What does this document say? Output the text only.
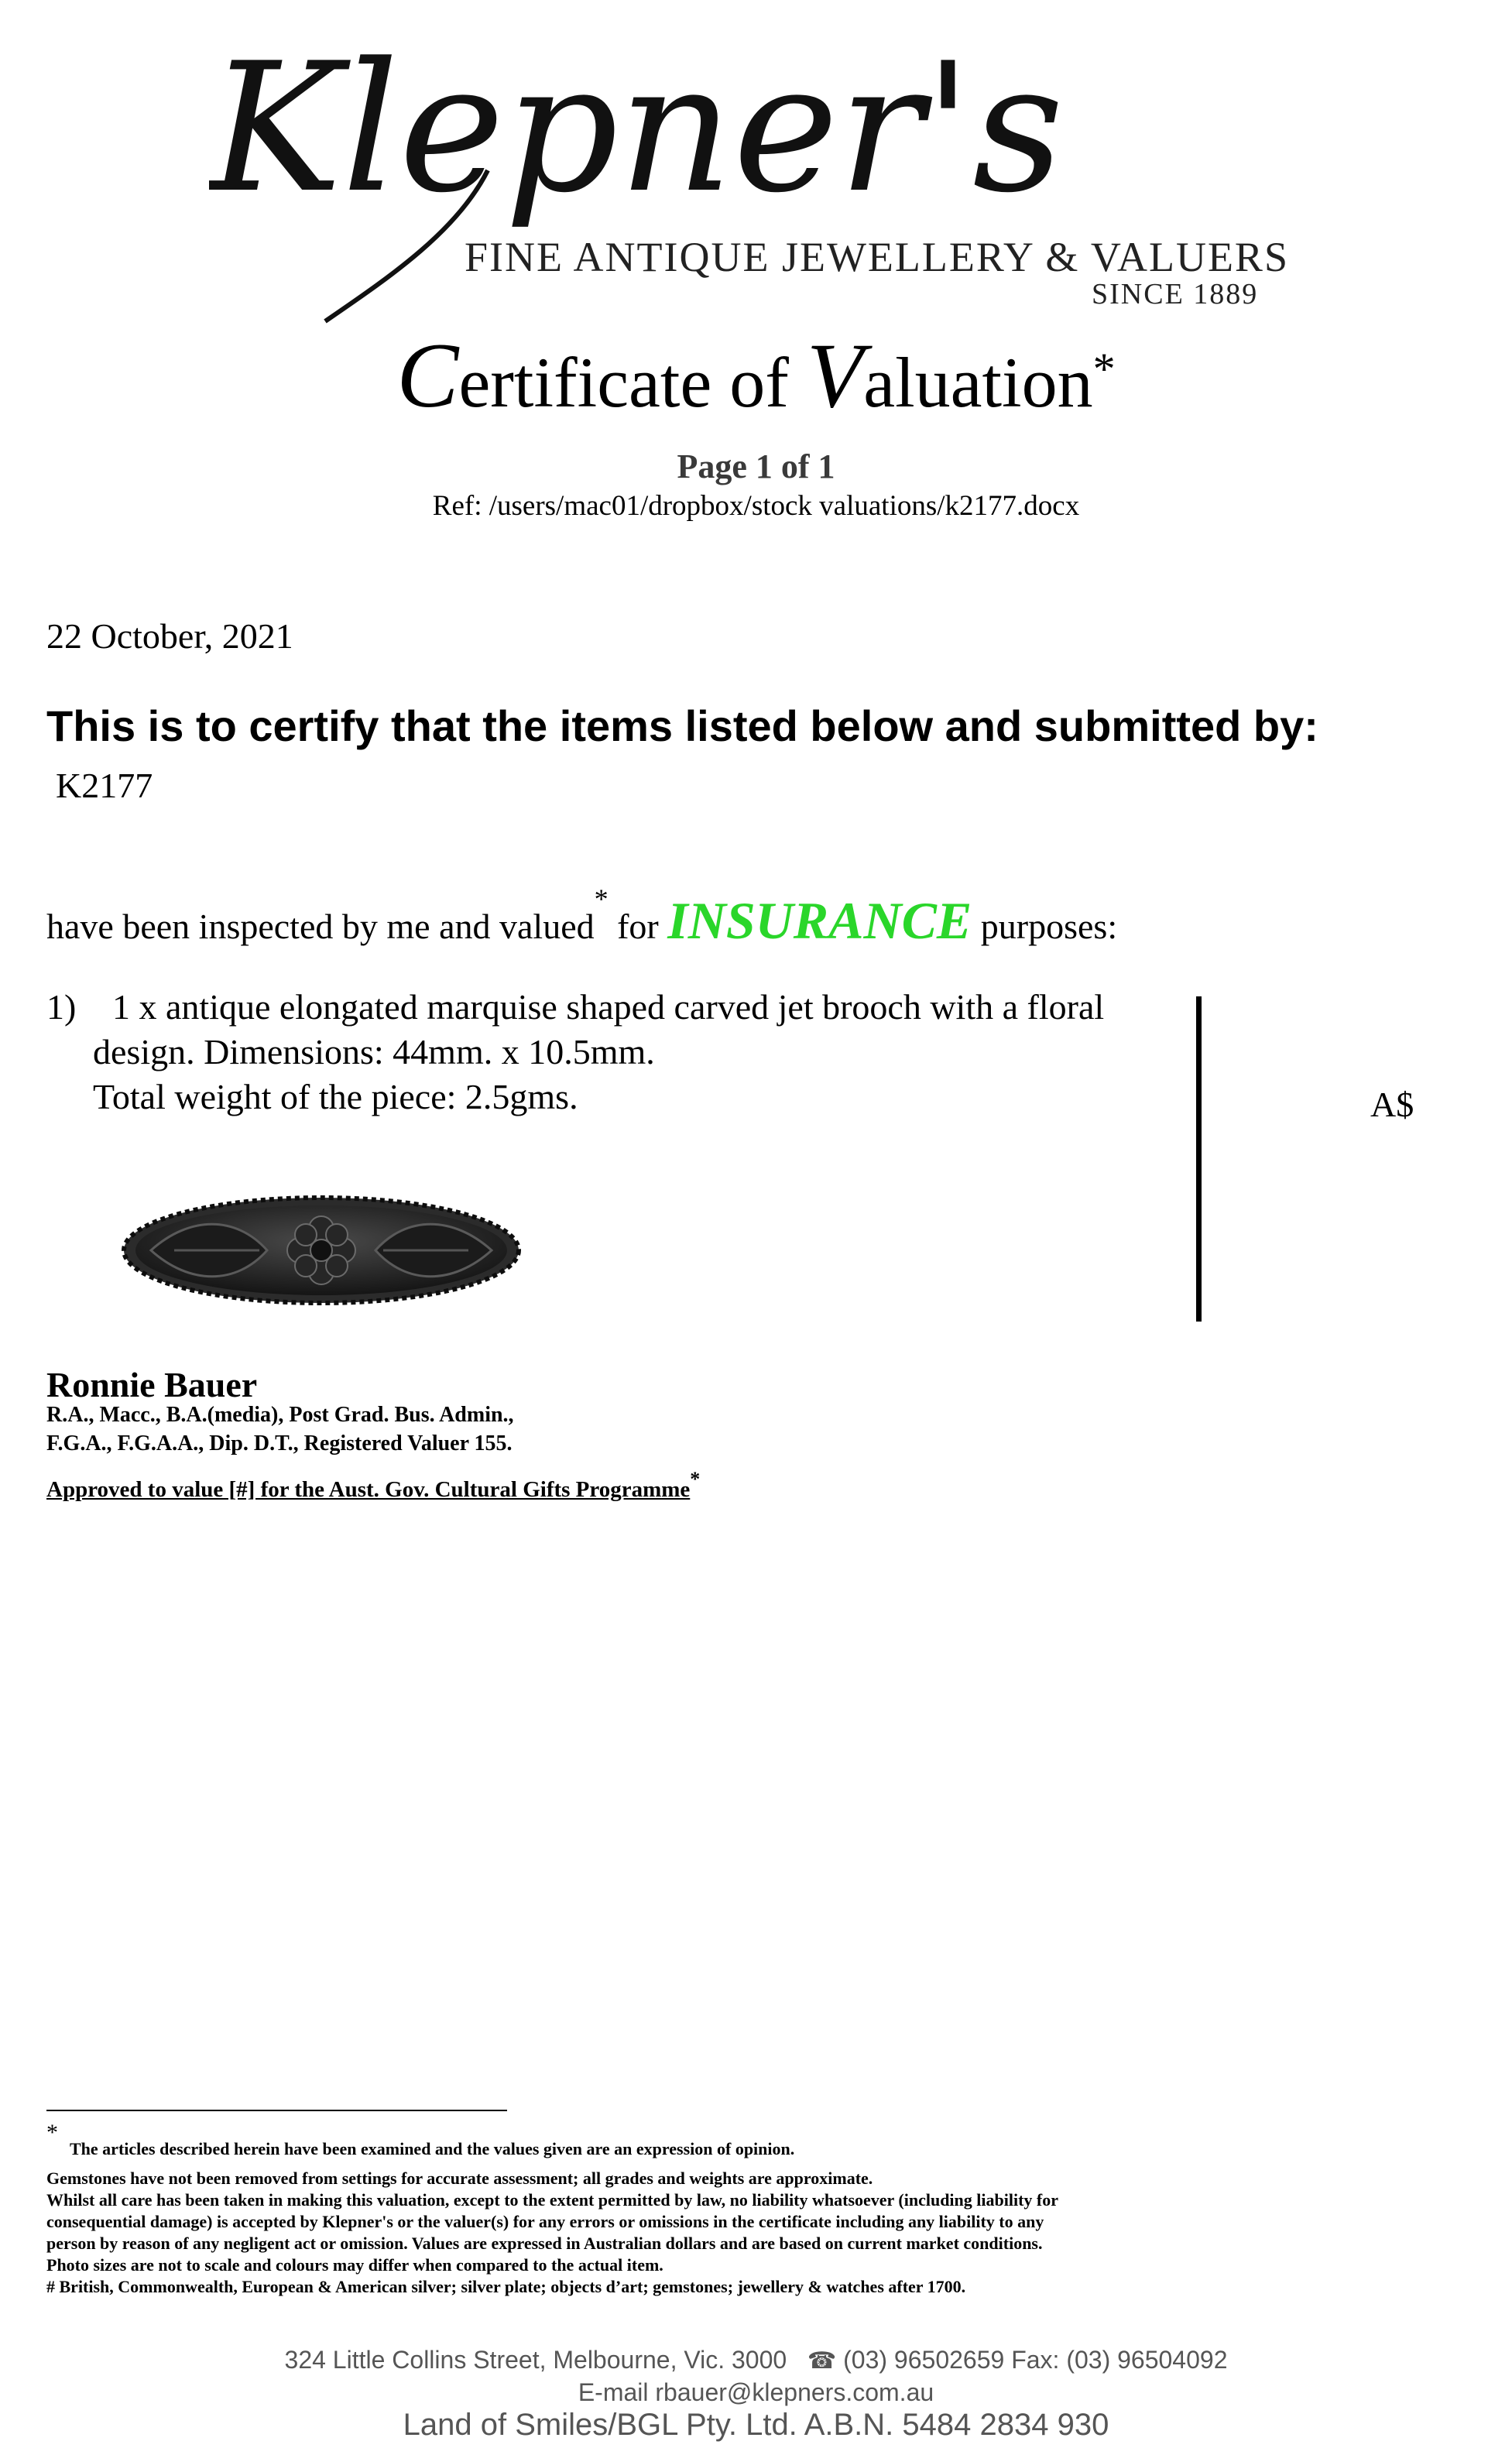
Klepner's
FINE ANTIQUE JEWELLERY & VALUERS
SINCE 1889
Certificate of Valuation*
Page 1 of 1
Ref: /users/mac01/dropbox/stock valuations/k2177.docx
22 October, 2021
This is to certify that the items listed below and submitted by:
K2177
have been inspected by me and valued* for INSURANCE purposes:
1) 1 x antique elongated marquise shaped carved jet brooch with a floral
design. Dimensions: 44mm. x 10.5mm.
Total weight of the piece: 2.5gms.	A$
Ronnie Bauer
R.A., Macc., B.A.(media), Post Grad. Bus. Admin.,
F.G.A., F.G.A.A., Dip. D.T., Registered Valuer 155.
Approved to value [#] for the Aust. Gov. Cultural Gifts Programme*
*
The articles described herein have been examined and the values given are an expression of opinion.
Gemstones have not been removed from settings for accurate assessment; all grades and weights are approximate.
Whilst all care has been taken in making this valuation, except to the extent permitted by law, no liability whatsoever (including liability for
consequential damage) is accepted by Klepner's or the valuer(s) for any errors or omissions in the certificate including any liability to any
person by reason of any negligent act or omission. Values are expressed in Australian dollars and are based on current market conditions.
Photo sizes are not to scale and colours may differ when compared to the actual item.
# British, Commonwealth, European & American silver; silver plate; objects d’art; gemstones; jewellery & watches after 1700.
324 Little Collins Street, Melbourne, Vic. 3000 ☎ (03) 96502659 Fax: (03) 96504092
E-mail rbauer@klepners.com.au
Land of Smiles/BGL Pty. Ltd. A.B.N. 5484 2834 930
